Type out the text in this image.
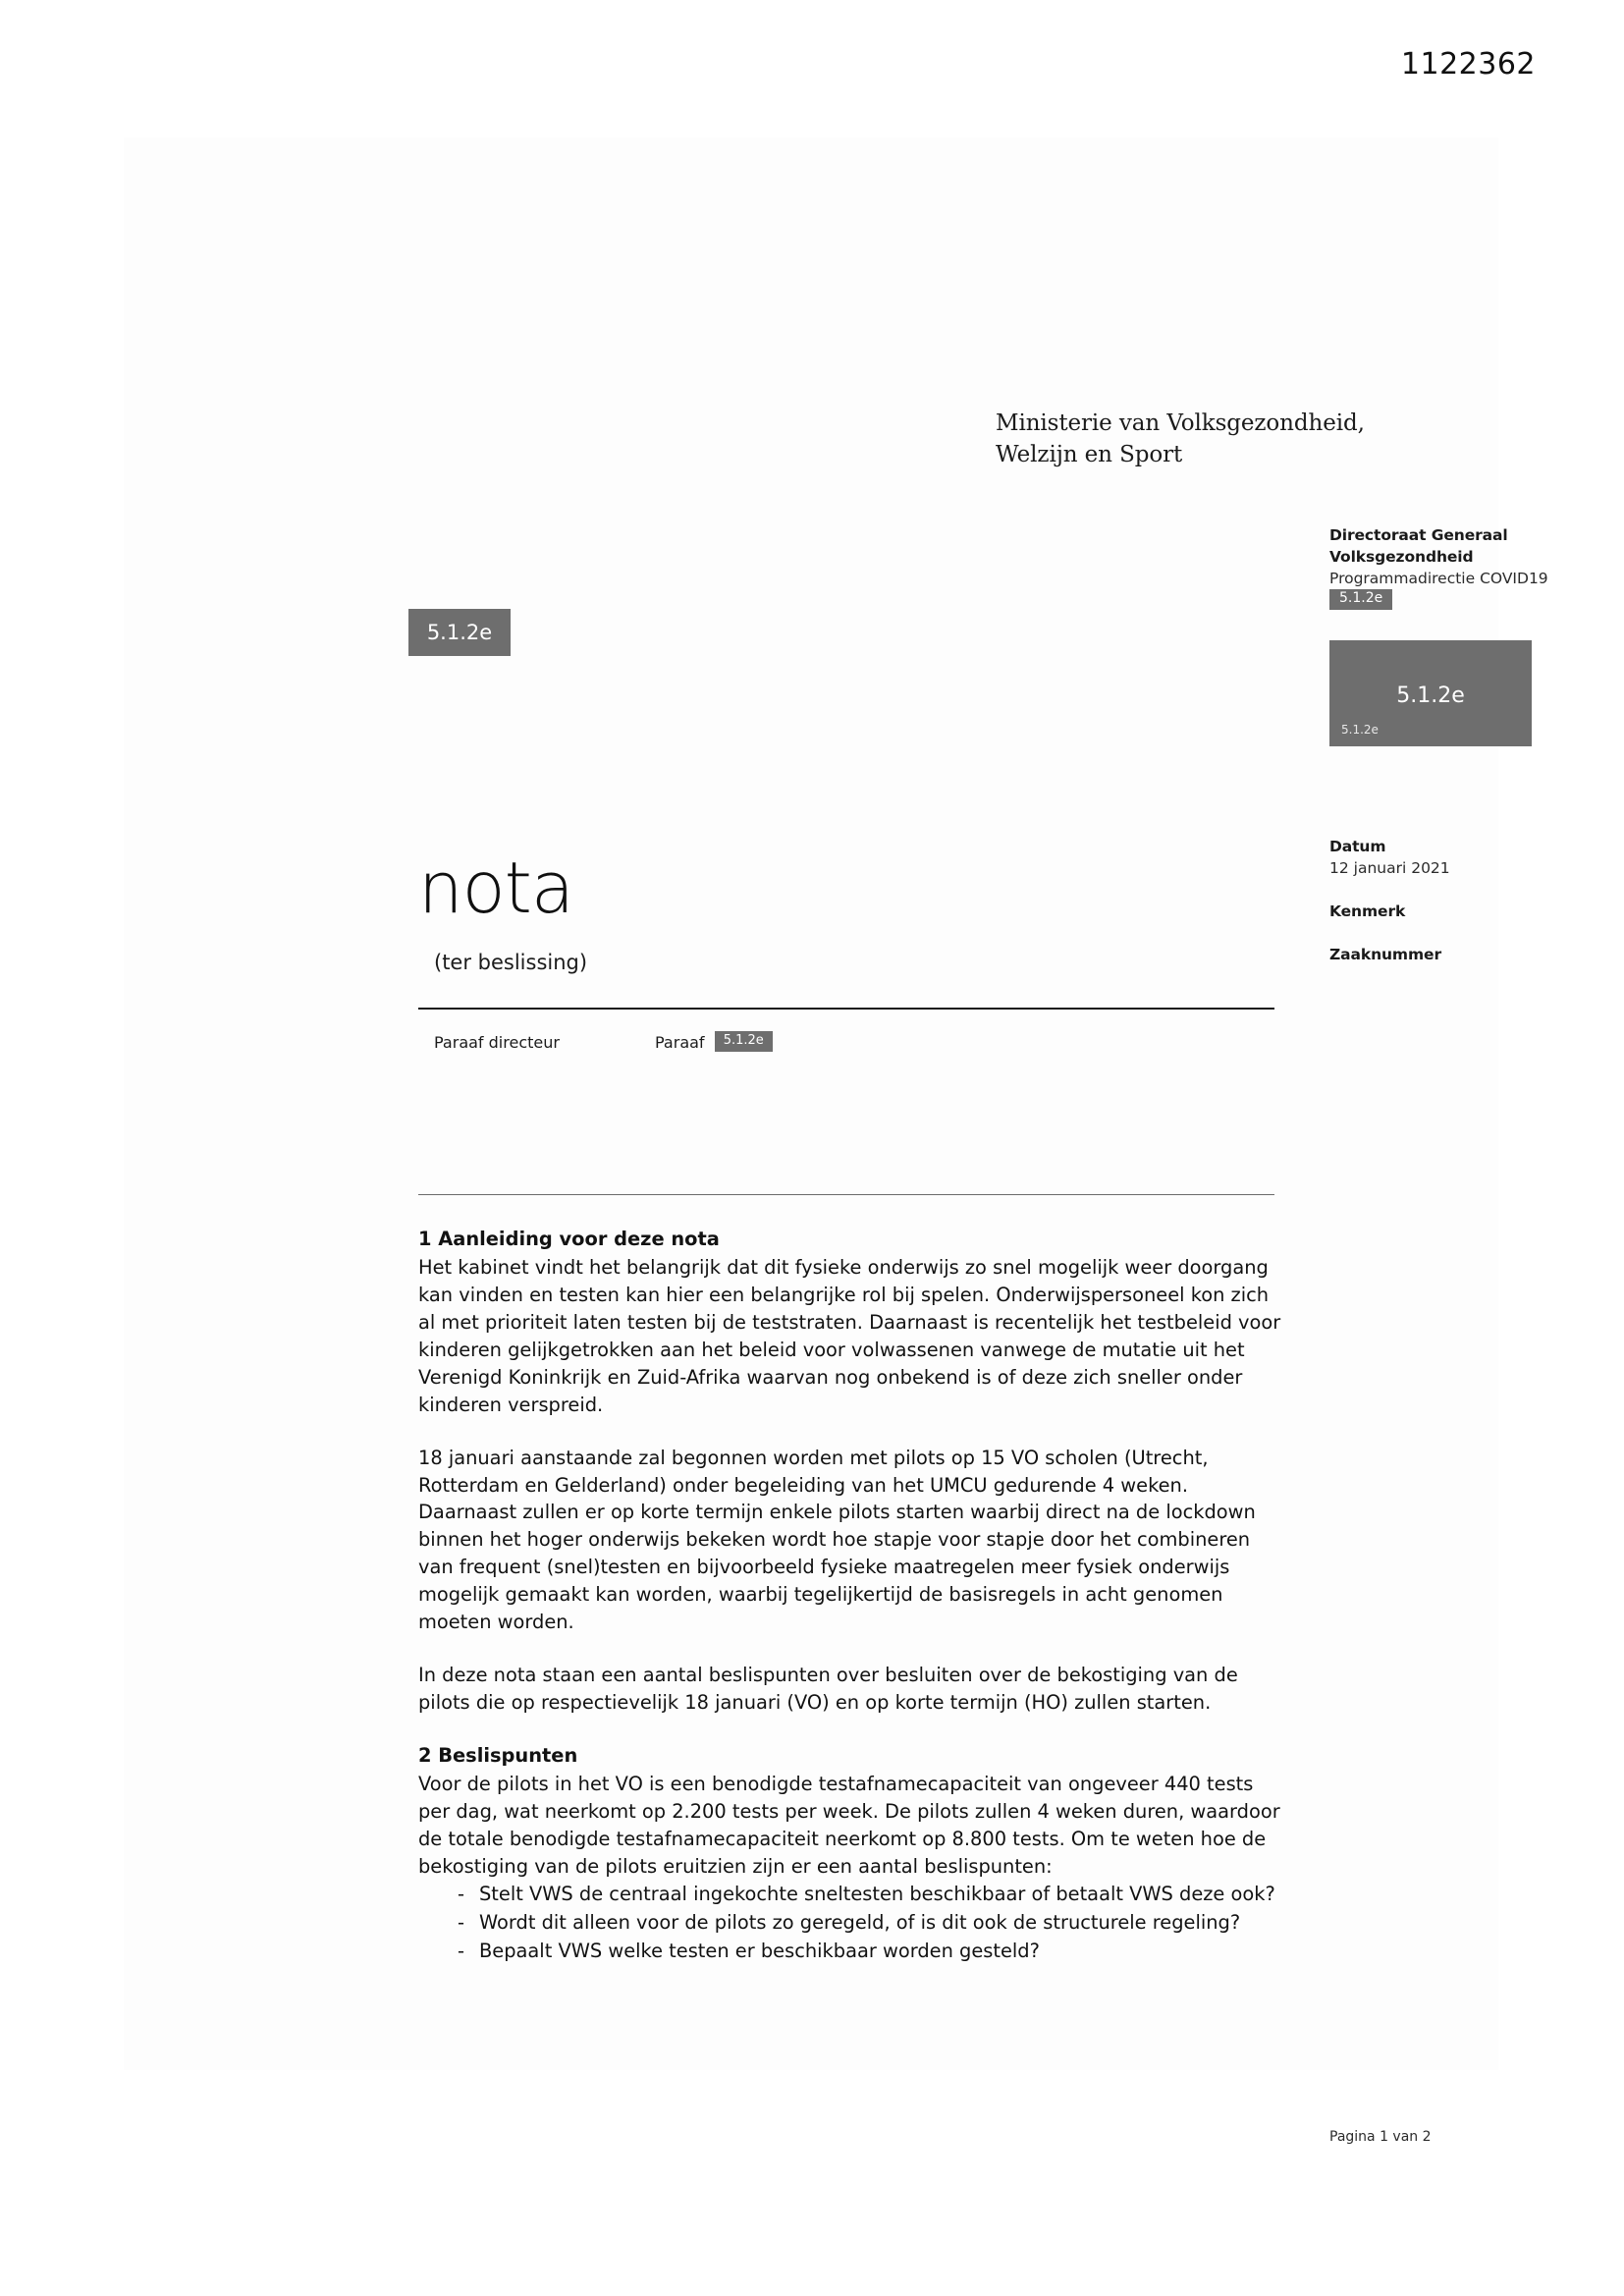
1122362
Ministerie van Volksgezondheid,
Welzijn en Sport
Directoraat Generaal
Volksgezondheid
Programmadirectie COVID19
5.1.2e
Datum
12 januari 2021
Kenmerk
Zaaknummer
5.1.2e
5.1.2e
5.1.2e
nota
(ter beslissing)
Paraaf directeur	Paraaf 5.1.2e
1 Aanleiding voor deze nota

Het kabinet vindt het belangrijk dat dit fysieke onderwijs zo snel mogelijk weer doorgang kan vinden en testen kan hier een belangrijke rol bij spelen. Onderwijspersoneel kon zich al met prioriteit laten testen bij de teststraten. Daarnaast is recentelijk het testbeleid voor kinderen gelijkgetrokken aan het beleid voor volwassenen vanwege de mutatie uit het Verenigd Koninkrijk en Zuid-Afrika waarvan nog onbekend is of deze zich sneller onder kinderen verspreid.

18 januari aanstaande zal begonnen worden met pilots op 15 VO scholen (Utrecht, Rotterdam en Gelderland) onder begeleiding van het UMCU gedurende 4 weken. Daarnaast zullen er op korte termijn enkele pilots starten waarbij direct na de lockdown binnen het hoger onderwijs bekeken wordt hoe stapje voor stapje door het combineren van frequent (snel)testen en bijvoorbeeld fysieke maatregelen meer fysiek onderwijs mogelijk gemaakt kan worden, waarbij tegelijkertijd de basisregels in acht genomen moeten worden.

In deze nota staan een aantal beslispunten over besluiten over de bekostiging van de pilots die op respectievelijk 18 januari (VO) en op korte termijn (HO) zullen starten.

2 Beslispunten

Voor de pilots in het VO is een benodigde testafnamecapaciteit van ongeveer 440 tests per dag, wat neerkomt op 2.200 tests per week. De pilots zullen 4 weken duren, waardoor de totale benodigde testafnamecapaciteit neerkomt op 8.800 tests. Om te weten hoe de bekostiging van de pilots eruitzien zijn er een aantal beslispunten:

- Stelt VWS de centraal ingekochte sneltesten beschikbaar of betaalt VWS deze ook?
- Wordt dit alleen voor de pilots zo geregeld, of is dit ook de structurele regeling?
- Bepaalt VWS welke testen er beschikbaar worden gesteld?
Pagina 1 van 2
